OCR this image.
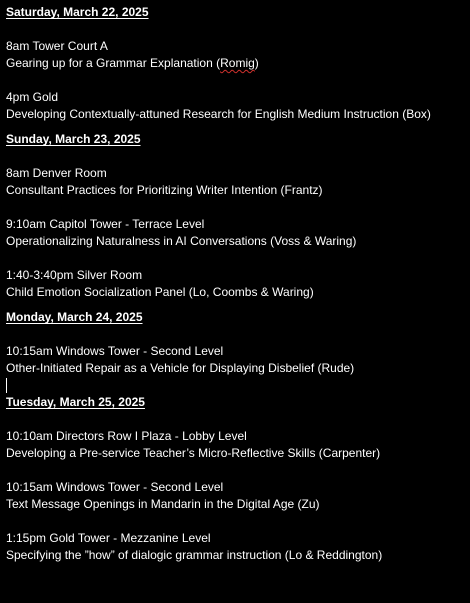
Saturday, March 22, 2025
8am Tower Court A
Gearing up for a Grammar Explanation (Romig)
4pm Gold
Developing Contextually-attuned Research for English Medium Instruction (Box)
Sunday, March 23, 2025
8am Denver Room
Consultant Practices for Prioritizing Writer Intention (Frantz)
9:10am Capitol Tower - Terrace Level
Operationalizing Naturalness in AI Conversations (Voss & Waring)
1:40-3:40pm Silver Room
Child Emotion Socialization Panel (Lo, Coombs & Waring)
Monday, March 24, 2025
10:15am Windows Tower - Second Level
Other-Initiated Repair as a Vehicle for Displaying Disbelief (Rude)
Tuesday, March 25, 2025
10:10am Directors Row I Plaza - Lobby Level
Developing a Pre-service Teacher’s Micro-Reflective Skills (Carpenter)
10:15am Windows Tower - Second Level
Text Message Openings in Mandarin in the Digital Age (Zu)
1:15pm Gold Tower - Mezzanine Level
Specifying the ”how” of dialogic grammar instruction (Lo & Reddington)
